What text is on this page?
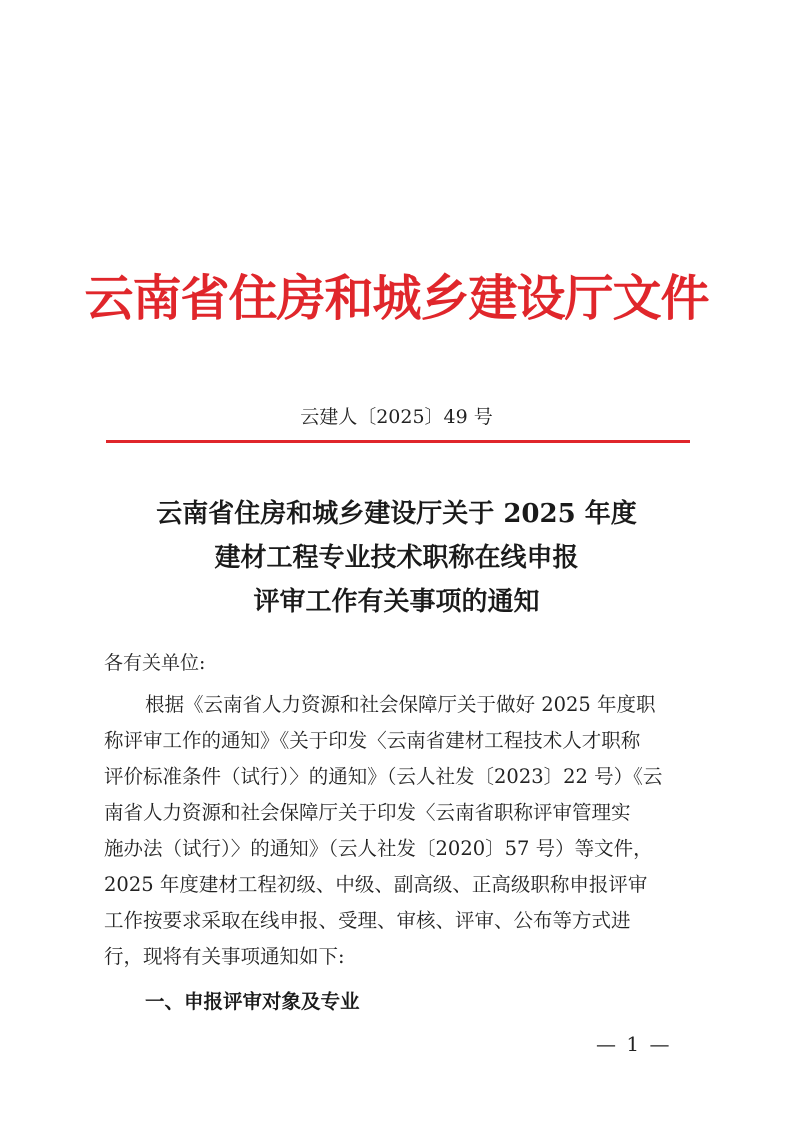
云南省住房和城乡建设厅文件
云建人〔2025〕49 号
云南省住房和城乡建设厅关于 2025 年度
建材工程专业技术职称在线申报
评审工作有关事项的通知
各有关单位:
根据《云南省人力资源和社会保障厅关于做好 2025 年度职
称评审工作的通知》《关于印发〈云南省建材工程技术人才职称
评价标准条件（试行）〉的通知》（云人社发〔2023〕22 号）《云
南省人力资源和社会保障厅关于印发〈云南省职称评审管理实
施办法（试行）〉的通知》（云人社发〔2020〕57 号）等文件，
2025 年度建材工程初级、中级、副高级、正高级职称申报评审
工作按要求采取在线申报、受理、审核、评审、公布等方式进
行，现将有关事项通知如下:
一、申报评审对象及专业
— 1 —
